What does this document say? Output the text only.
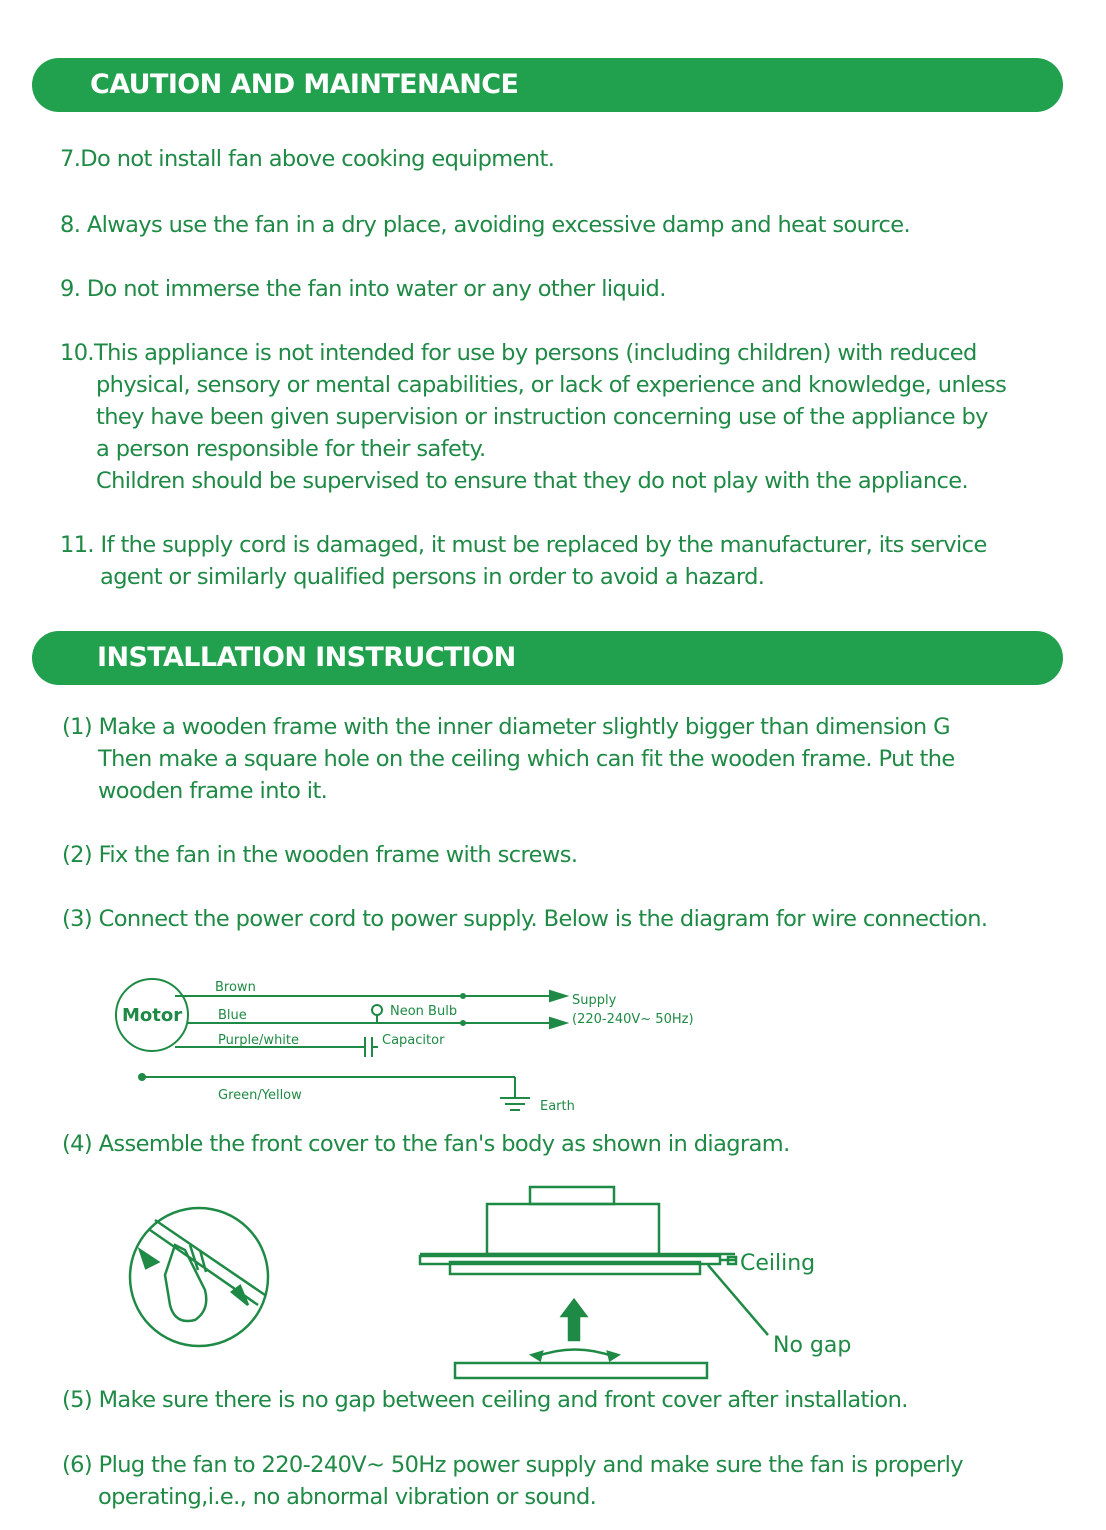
CAUTION AND MAINTENANCE

7.Do not install fan above cooking equipment.

8. Always use the fan in a dry place, avoiding excessive damp and heat source.

9. Do not immerse the fan into water or any other liquid.

10.This appliance is not intended for use by persons (including children) with reduced
physical, sensory or mental capabilities, or lack of experience and knowledge, unless
they have been given supervision or instruction concerning use of the appliance by
a person responsible for their safety.
Children should be supervised to ensure that they do not play with the appliance.
11. If the supply cord is damaged, it must be replaced by the manufacturer, its service
agent or similarly qualified persons in order to avoid a hazard.
INSTALLATION INSTRUCTION
(1) Make a wooden frame with the inner diameter slightly bigger than dimension G
Then make a square hole on the ceiling which can fit the wooden frame. Put the
wooden frame into it.

(2) Fix the fan in the wooden frame with screws.

(3) Connect the power cord to power supply. Below is the diagram for wire connection.

Motor
Brown
Blue
Purple/white
Neon Bulb
Capacitor
Supply
(220-240V~ 50Hz)
Green/Yellow
Earth

(4) Assemble the front cover to the fan's body as shown in diagram.

Ceiling
No gap

(5) Make sure there is no gap between ceiling and front cover after installation.

(6) Plug the fan to 220-240V~ 50Hz power supply and make sure the fan is properly
operating,i.e., no abnormal vibration or sound.
